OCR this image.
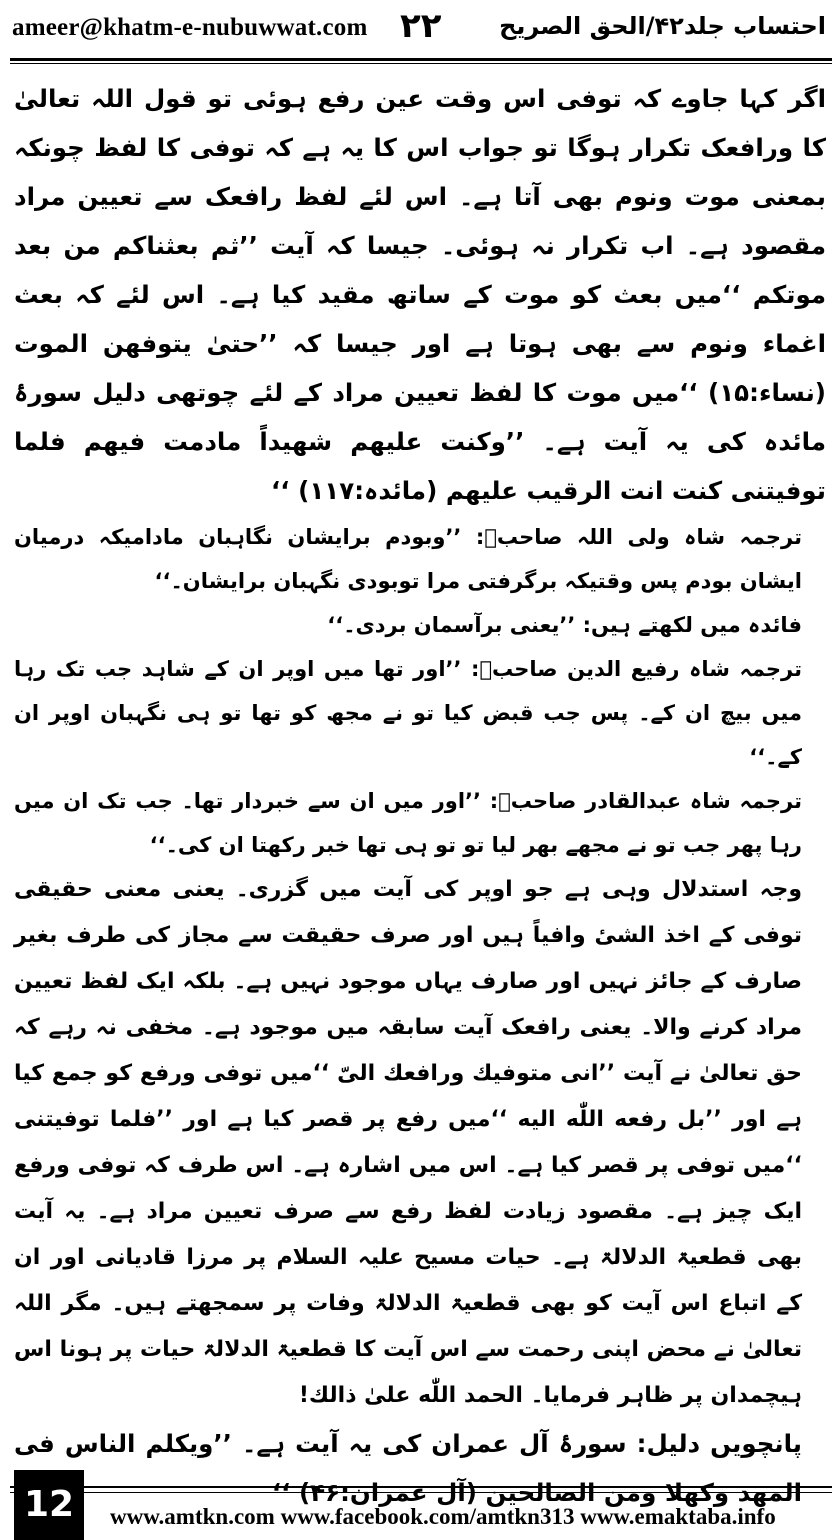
ameer@khatm-e-nubuwwat.com ۲۲ احتساب جلد۴۲/الحق الصریح

اگر کہا جاوے کہ توفی اس وقت عین رفع ہوئی تو قول اللہ تعالیٰ کا ورافعک تکرار ہوگا تو جواب اس کا یہ ہے کہ توفی کا لفظ چونکہ بمعنی موت ونوم بھی آتا ہے۔ اس لئے لفظ رافعک سے تعیین مراد مقصود ہے۔ اب تکرار نہ ہوئی۔ جیسا کہ آیت ’’ثم بعثناکم من بعد موتکم ‘‘میں بعث کو موت کے ساتھ مقید کیا ہے۔ اس لئے کہ بعث اغماء ونوم سے بھی ہوتا ہے اور جیسا کہ ’’حتیٰ یتوفھن الموت (نساء:۱۵) ‘‘میں موت کا لفظ تعیین مراد کے لئے چوتھی دلیل سورۂ مائدہ کی یہ آیت ہے۔ ’’وکنت علیھم شھیداً مادمت فیھم فلما توفیتنی کنت انت الرقیب علیھم (مائدہ:۱۱۷) ‘‘

ترجمہ شاہ ولی اللہ صاحبؒ: ’’وبودم برایشان نگاہبان مادامیکہ درمیان ایشان بودم پس وقتیکہ برگرفتی مرا توبودی نگہبان برایشان۔‘‘

فائدہ میں لکھتے ہیں: ’’یعنی برآسمان بردی۔‘‘

ترجمہ شاہ رفیع الدین صاحبؒ: ’’اور تھا میں اوپر ان کے شاہد جب تک رہا میں بیچ ان کے۔ پس جب قبض کیا تو نے مجھ کو تھا تو ہی نگہبان اوپر ان کے۔‘‘

ترجمہ شاہ عبدالقادر صاحبؒ: ’’اور میں ان سے خبردار تھا۔ جب تک ان میں رہا پھر جب تو نے مجھے بھر لیا تو تو ہی تھا خبر رکھتا ان کی۔‘‘

وجہ استدلال وہی ہے جو اوپر کی آیت میں گزری۔ یعنی معنی حقیقی توفی کے اخذ الشیٔ وافیاً ہیں اور صرف حقیقت سے مجاز کی طرف بغیر صارف کے جائز نہیں اور صارف یہاں موجود نہیں ہے۔ بلکہ ایک لفظ تعیین مراد کرنے والا۔ یعنی رافعک آیت سابقہ میں موجود ہے۔ مخفی نہ رہے کہ حق تعالیٰ نے آیت ’’انی متوفیك ورافعك الیّ ‘‘میں توفی ورفع کو جمع کیا ہے اور ’’بل رفعه اللّٰه الیه ‘‘میں رفع پر قصر کیا ہے اور ’’فلما توفیتنی ‘‘میں توفی پر قصر کیا ہے۔ اس میں اشارہ ہے۔ اس طرف کہ توفی ورفع ایک چیز ہے۔ مقصود زیادت لفظ رفع سے صرف تعیین مراد ہے۔ یہ آیت بھی قطعیۃ الدلالۃ ہے۔ حیات مسیح علیہ السلام پر مرزا قادیانی اور ان کے اتباع اس آیت کو بھی قطعیۃ الدلالۃ وفات پر سمجھتے ہیں۔ مگر اللہ تعالیٰ نے محض اپنی رحمت سے اس آیت کا قطعیۃ الدلالۃ حیات پر ہونا اس ہیچمدان پر ظاہر فرمایا۔ الحمد اللّٰه علیٰ ذالك!

پانچویں دلیل: سورۂ آل عمران کی یہ آیت ہے۔ ’’ویکلم الناس فی المھد وکھلا ومن الصالحین (آل عمران:۴۶) ‘‘

12	www.amtkn.com www.facebook.com/amtkn313 www.emaktaba.info
